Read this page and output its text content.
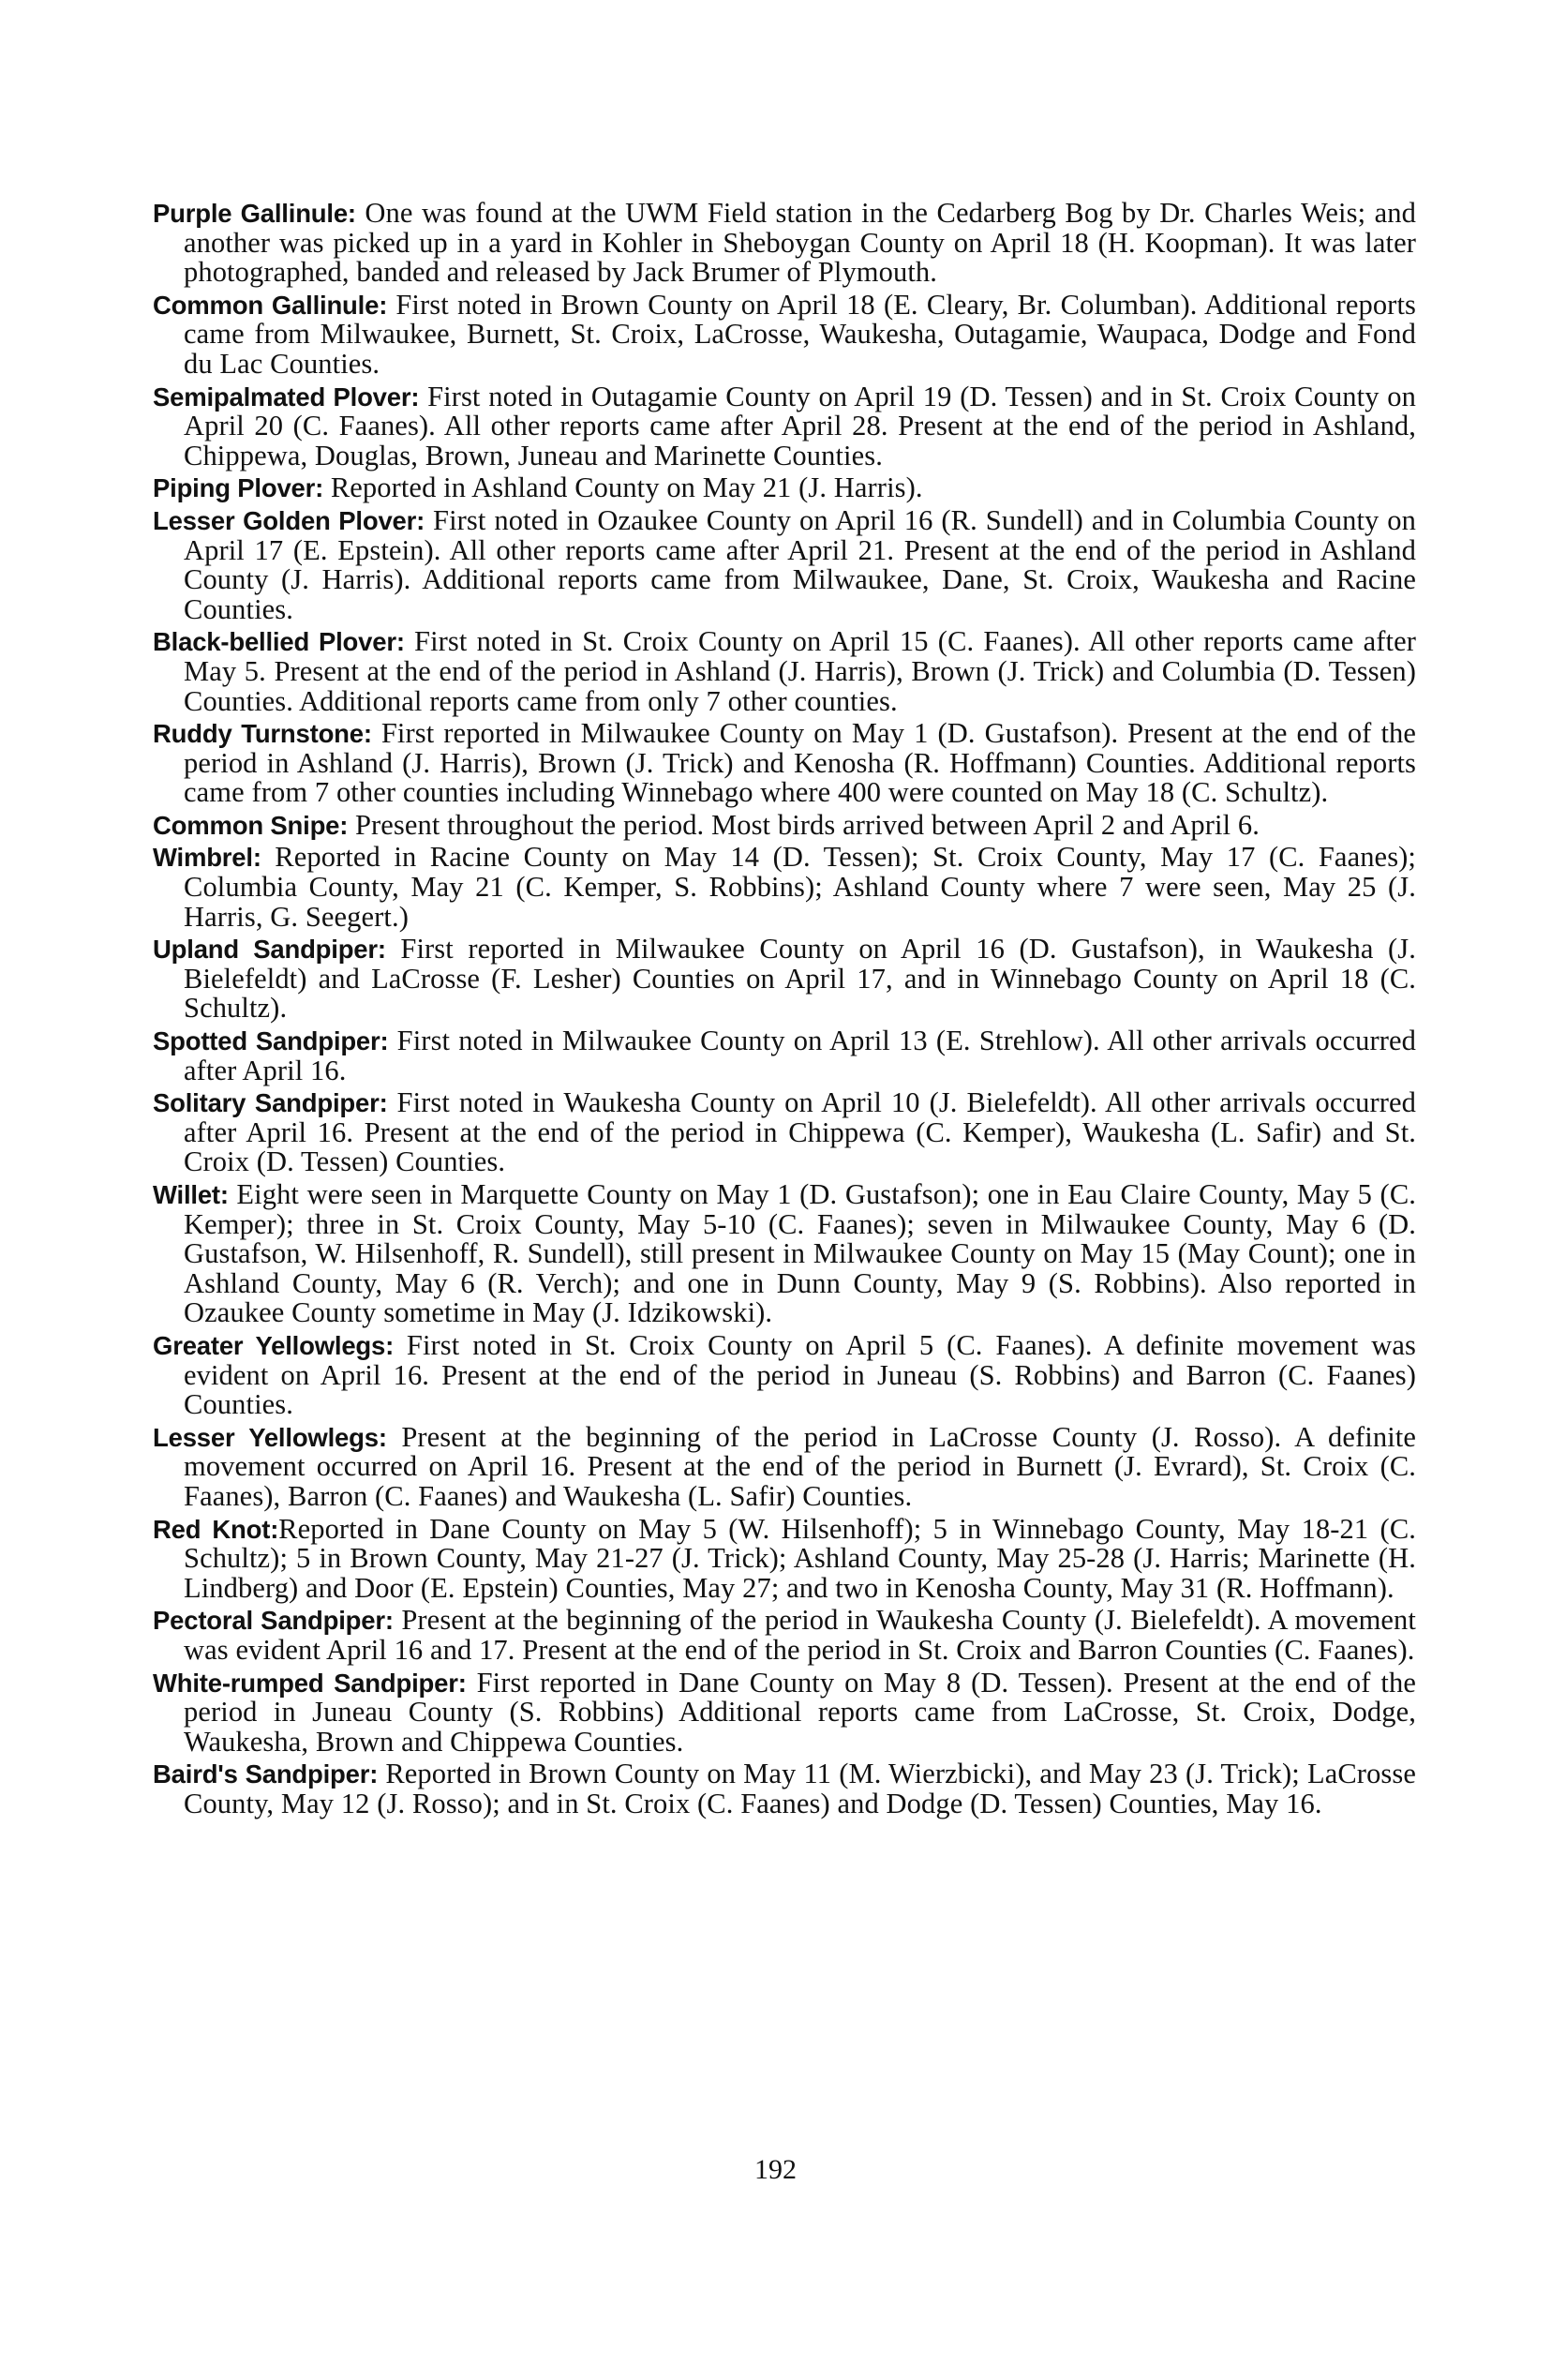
Purple Gallinule: One was found at the UWM Field station in the Cedarberg Bog by Dr. Charles Weis; and another was picked up in a yard in Kohler in Sheboygan County on April 18 (H. Koopman). It was later photographed, banded and released by Jack Brumer of Plymouth.

Common Gallinule: First noted in Brown County on April 18 (E. Cleary, Br. Columban). Additional reports came from Milwaukee, Burnett, St. Croix, LaCrosse, Waukesha, Outagamie, Waupaca, Dodge and Fond du Lac Counties.

Semipalmated Plover: First noted in Outagamie County on April 19 (D. Tessen) and in St. Croix County on April 20 (C. Faanes). All other reports came after April 28. Present at the end of the period in Ashland, Chippewa, Douglas, Brown, Juneau and Marinette Counties.

Piping Plover: Reported in Ashland County on May 21 (J. Harris).

Lesser Golden Plover: First noted in Ozaukee County on April 16 (R. Sundell) and in Columbia County on April 17 (E. Epstein). All other reports came after April 21. Present at the end of the period in Ashland County (J. Harris). Additional reports came from Milwaukee, Dane, St. Croix, Waukesha and Racine Counties.

Black-bellied Plover: First noted in St. Croix County on April 15 (C. Faanes). All other reports came after May 5. Present at the end of the period in Ashland (J. Harris), Brown (J. Trick) and Columbia (D. Tessen) Counties. Additional reports came from only 7 other counties.

Ruddy Turnstone: First reported in Milwaukee County on May 1 (D. Gustafson). Present at the end of the period in Ashland (J. Harris), Brown (J. Trick) and Kenosha (R. Hoffmann) Counties. Additional reports came from 7 other counties including Winnebago where 400 were counted on May 18 (C. Schultz).

Common Snipe: Present throughout the period. Most birds arrived between April 2 and April 6.

Wimbrel: Reported in Racine County on May 14 (D. Tessen); St. Croix County, May 17 (C. Faanes); Columbia County, May 21 (C. Kemper, S. Robbins); Ashland County where 7 were seen, May 25 (J. Harris, G. Seegert.)

Upland Sandpiper: First reported in Milwaukee County on April 16 (D. Gustafson), in Waukesha (J. Bielefeldt) and LaCrosse (F. Lesher) Counties on April 17, and in Winnebago County on April 18 (C. Schultz).

Spotted Sandpiper: First noted in Milwaukee County on April 13 (E. Strehlow). All other arrivals occurred after April 16.

Solitary Sandpiper: First noted in Waukesha County on April 10 (J. Bielefeldt). All other arrivals occurred after April 16. Present at the end of the period in Chippewa (C. Kemper), Waukesha (L. Safir) and St. Croix (D. Tessen) Counties.

Willet: Eight were seen in Marquette County on May 1 (D. Gustafson); one in Eau Claire County, May 5 (C. Kemper); three in St. Croix County, May 5-10 (C. Faanes); seven in Milwaukee County, May 6 (D. Gustafson, W. Hilsenhoff, R. Sundell), still present in Milwaukee County on May 15 (May Count); one in Ashland County, May 6 (R. Verch); and one in Dunn County, May 9 (S. Robbins). Also reported in Ozaukee County sometime in May (J. Idzikowski).

Greater Yellowlegs: First noted in St. Croix County on April 5 (C. Faanes). A definite movement was evident on April 16. Present at the end of the period in Juneau (S. Robbins) and Barron (C. Faanes) Counties.

Lesser Yellowlegs: Present at the beginning of the period in LaCrosse County (J. Rosso). A definite movement occurred on April 16. Present at the end of the period in Burnett (J. Evrard), St. Croix (C. Faanes), Barron (C. Faanes) and Waukesha (L. Safir) Counties.

Red Knot:Reported in Dane County on May 5 (W. Hilsenhoff); 5 in Winnebago County, May 18-21 (C. Schultz); 5 in Brown County, May 21-27 (J. Trick); Ashland County, May 25-28 (J. Harris; Marinette (H. Lindberg) and Door (E. Epstein) Counties, May 27; and two in Kenosha County, May 31 (R. Hoffmann).

Pectoral Sandpiper: Present at the beginning of the period in Waukesha County (J. Bielefeldt). A movement was evident April 16 and 17. Present at the end of the period in St. Croix and Barron Counties (C. Faanes).

White-rumped Sandpiper: First reported in Dane County on May 8 (D. Tessen). Present at the end of the period in Juneau County (S. Robbins) Additional reports came from LaCrosse, St. Croix, Dodge, Waukesha, Brown and Chippewa Counties.

Baird's Sandpiper: Reported in Brown County on May 11 (M. Wierzbicki), and May 23 (J. Trick); LaCrosse County, May 12 (J. Rosso); and in St. Croix (C. Faanes) and Dodge (D. Tessen) Counties, May 16.

192
